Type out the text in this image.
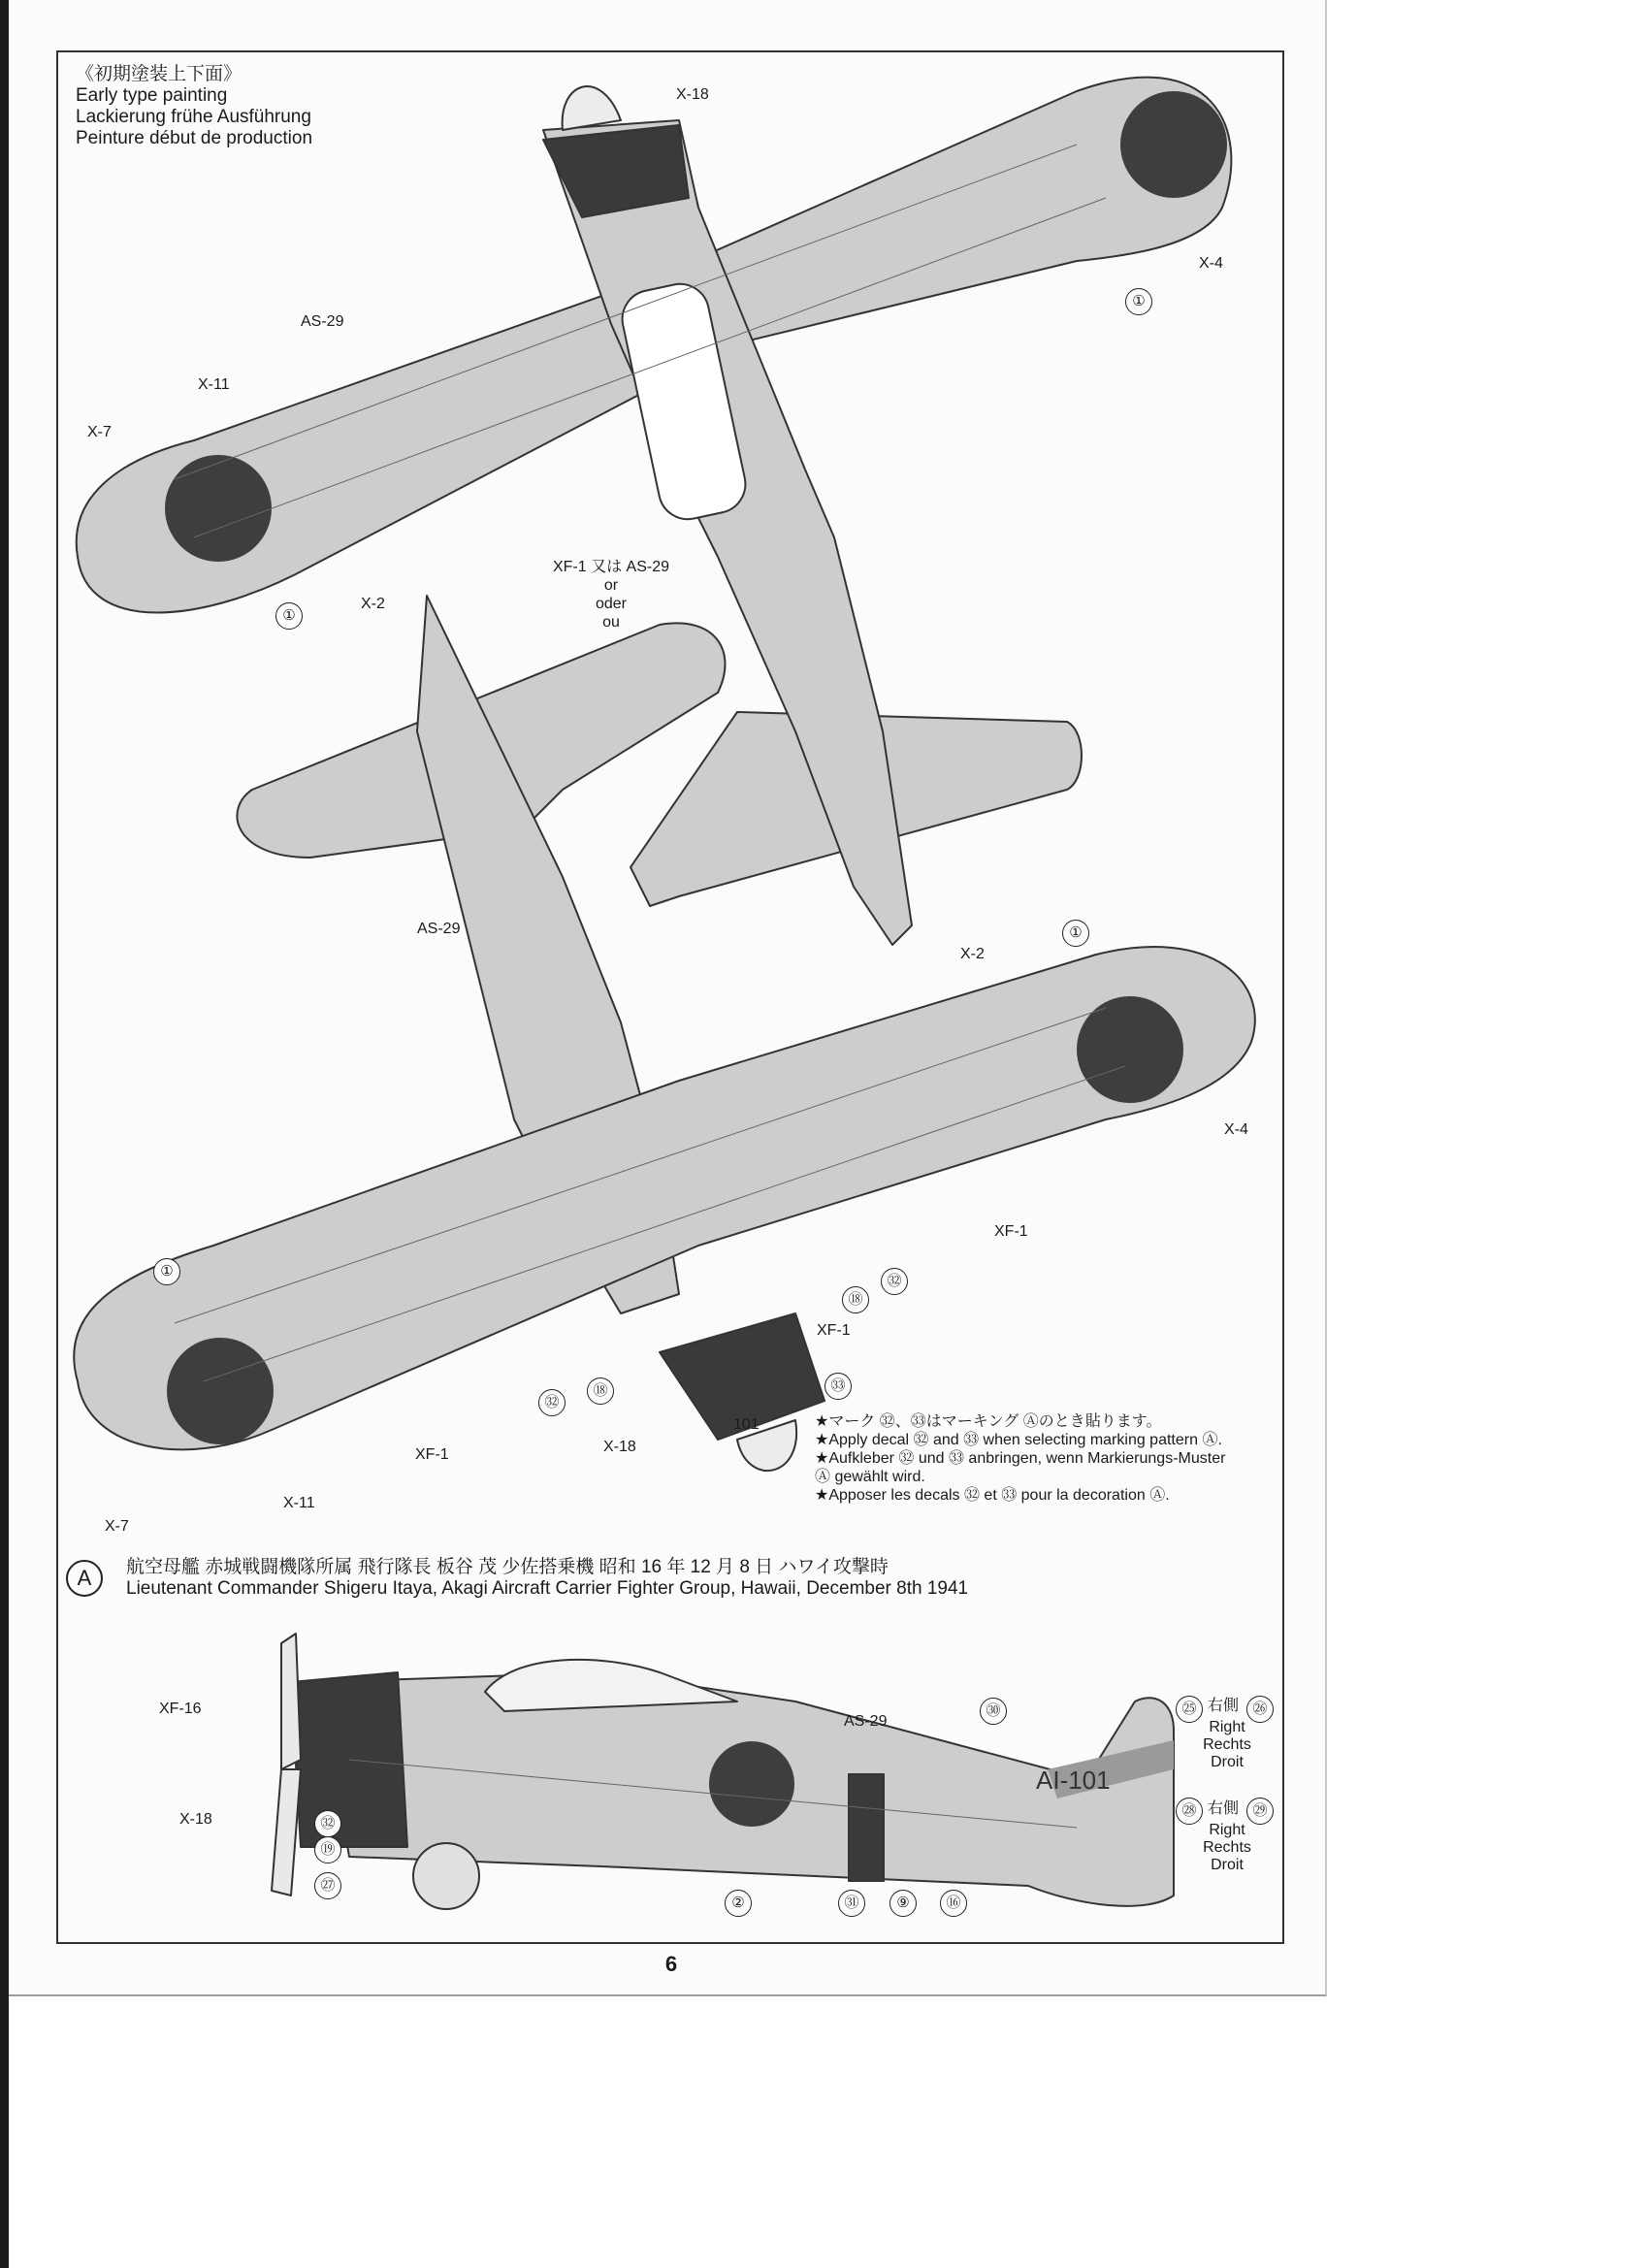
《初期塗装上下面》
Early type painting
Lackierung frühe Ausführung
Peinture début de production
X-18
X-4
AS-29
X-11
X-7
XF-1 又は AS-29
or
oder
ou
X-2
①
①
AS-29
X-2
①
X-4
XF-1
①
㉜
⑱
XF-1
㉝
㉜
⑱
X-18
XF-1
X-11
X-7
101	★マーク ㉜、㉝はマーキング Ⓐのとき貼ります。
★Apply decal ㉜ and ㉝ when selecting marking pattern Ⓐ.
★Aufkleber ㉜ und ㉝ anbringen, wenn Markierungs-Muster
Ⓐ gewählt wird.
★Apposer les decals ㉜ et ㉝ pour la decoration Ⓐ.
A	航空母艦 赤城戦闘機隊所属 飛行隊長 板谷 茂 少佐搭乗機 昭和 16 年 12 月 8 日 ハワイ攻撃時
Lieutenant Commander Shigeru Itaya, Akagi Aircraft Carrier Fighter Group, Hawaii, December 8th 1941
XF-16
X-18
AS-29
AI-101
㉚	㉕	㉖
右側
Right
Rechts
Droit
㉘	㉙
右側
Right
Rechts
Droit
㉜
⑲
㉗
②	㉛	⑨	⑯
6
